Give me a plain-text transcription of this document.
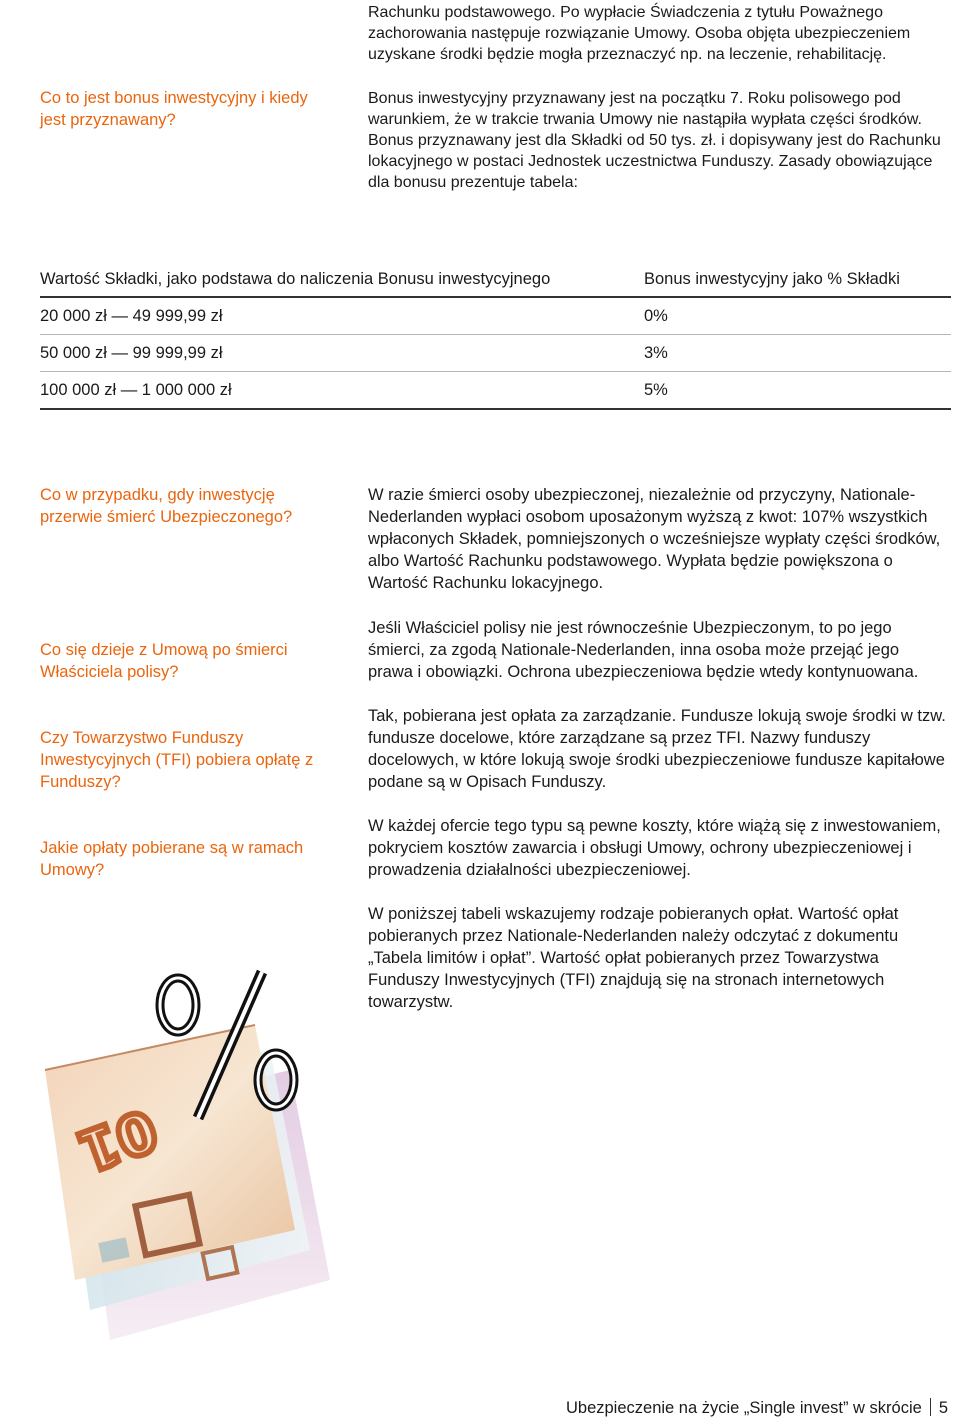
Rachunku podstawowego. Po wypłacie Świadczenia z tytułu Poważnego zachorowania następuje rozwiązanie Umowy. Osoba objęta ubezpieczeniem uzyskane środki będzie mogła przeznaczyć np. na leczenie, rehabilitację.

Co to jest bonus inwestycyjny i kiedy jest przyznawany?

Bonus inwestycyjny przyznawany jest na początku 7. Roku polisowego pod warunkiem, że w trakcie trwania Umowy nie nastąpiła wypłata części środków. Bonus przyznawany jest dla Składki od 50 tys. zł. i dopisywany jest do Rachunku lokacyjnego w postaci Jednostek uczestnictwa Funduszy. Zasady obowiązujące dla bonusu prezentuje tabela:

Wartość Składki, jako podstawa do naliczenia Bonusu inwestycyjnego	Bonus inwestycyjny jako % Składki
20 000 zł — 49 999,99 zł	0%
50 000 zł — 99 999,99 zł	3%
100 000 zł — 1 000 000 zł	5%

Co w przypadku, gdy inwestycję przerwie śmierć Ubezpieczonego?

W razie śmierci osoby ubezpieczonej, niezależnie od przyczyny, Nationale-Nederlanden wypłaci osobom uposażonym wyższą z kwot: 107% wszystkich wpłaconych Składek, pomniejszonych o wcześniejsze wypłaty części środków, albo Wartość Rachunku podstawowego. Wypłata będzie powiększona o Wartość Rachunku lokacyjnego.

Co się dzieje z Umową po śmierci Właściciela polisy?

Jeśli Właściciel polisy nie jest równocześnie Ubezpieczonym, to po jego śmierci, za zgodą Nationale-Nederlanden, inna osoba może przejąć jego prawa i obowiązki. Ochrona ubezpieczeniowa będzie wtedy kontynuowana.

Czy Towarzystwo Funduszy Inwestycyjnych (TFI) pobiera opłatę z Funduszy?

Tak, pobierana jest opłata za zarządzanie. Fundusze lokują swoje środki w tzw. fundusze docelowe, które zarządzane są przez TFI. Nazwy funduszy docelowych, w które lokują swoje środki ubezpieczeniowe fundusze kapitałowe podane są w Opisach Funduszy.

Jakie opłaty pobierane są w ramach Umowy?

W każdej ofercie tego typu są pewne koszty, które wiążą się z inwestowaniem, pokryciem kosztów zawarcia i obsługi Umowy, ochrony ubezpieczeniowej i prowadzenia działalności ubezpieczeniowej.

W poniższej tabeli wskazujemy rodzaje pobieranych opłat. Wartość opłat pobieranych przez Nationale-Nederlanden należy odczytać z dokumentu „Tabela limitów i opłat”. Wartość opłat pobieranych przez Towarzystwa Funduszy Inwestycyjnych (TFI) znajdują się na stronach internetowych towarzystw.

01
Ubezpieczenie na życie „Single invest” w skrócie 5
